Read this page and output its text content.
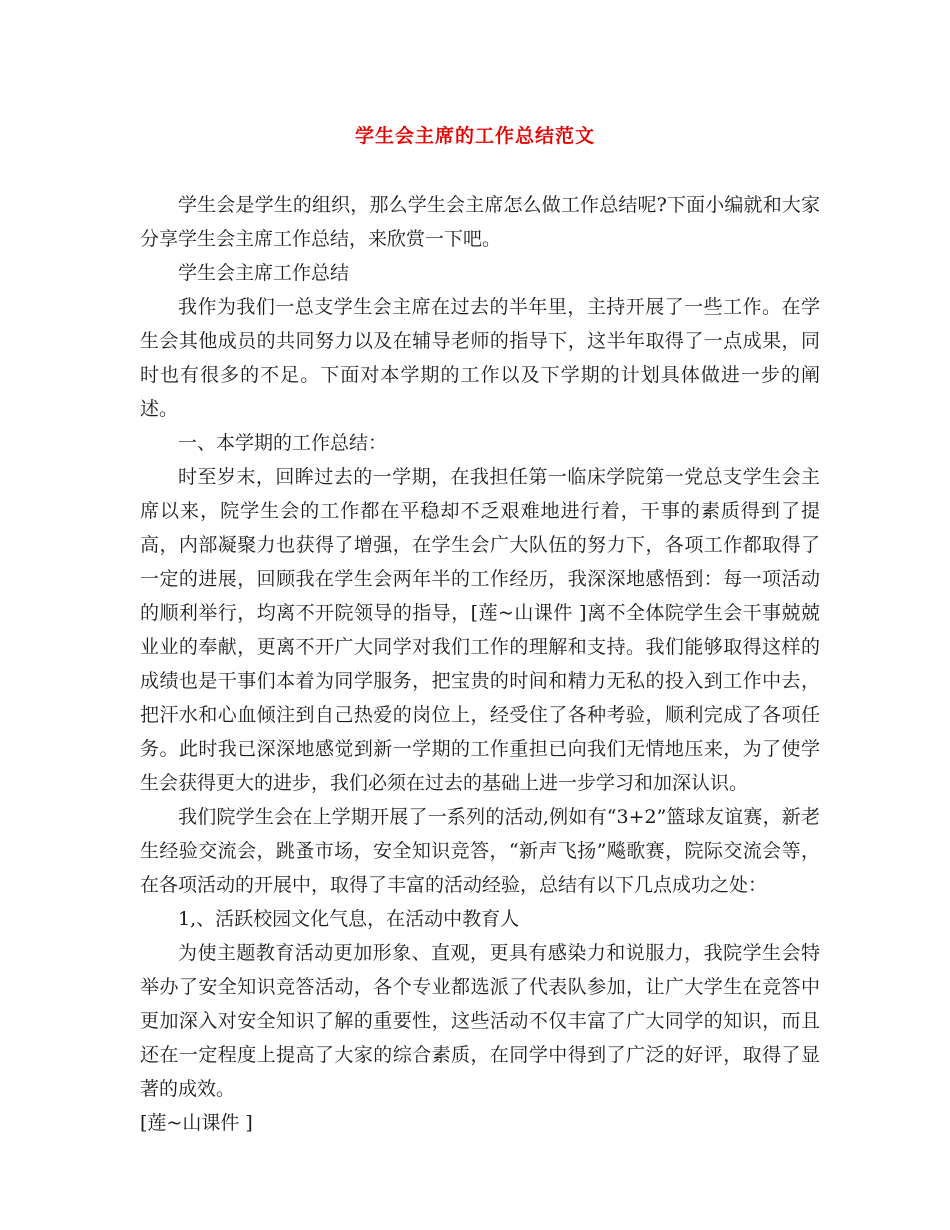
学生会主席的工作总结范文

学生会是学生的组织，那么学生会主席怎么做工作总结呢?下面小编就和大家分享学生会主席工作总结，来欣赏一下吧。

学生会主席工作总结

我作为我们一总支学生会主席在过去的半年里，主持开展了一些工作。在学生会其他成员的共同努力以及在辅导老师的指导下，这半年取得了一点成果，同时也有很多的不足。下面对本学期的工作以及下学期的计划具体做进一步的阐述。

一、本学期的工作总结：

时至岁末，回眸过去的一学期，在我担任第一临床学院第一党总支学生会主席以来，院学生会的工作都在平稳却不乏艰难地进行着，干事的素质得到了提高，内部凝聚力也获得了增强，在学生会广大队伍的努力下，各项工作都取得了一定的进展，回顾我在学生会两年半的工作经历，我深深地感悟到：每一项活动的顺利举行，均离不开院领导的指导，[莲~山课件 ]离不全体院学生会干事兢兢业业的奉献，更离不开广大同学对我们工作的理解和支持。我们能够取得这样的成绩也是干事们本着为同学服务，把宝贵的时间和精力无私的投入到工作中去，把汗水和心血倾注到自己热爱的岗位上，经受住了各种考验，顺利完成了各项任务。此时我已深深地感觉到新一学期的工作重担已向我们无情地压来，为了使学生会获得更大的进步，我们必须在过去的基础上进一步学习和加深认识。

我们院学生会在上学期开展了一系列的活动,例如有“3+2”篮球友谊赛，新老生经验交流会，跳蚤市场，安全知识竞答，“新声飞扬”飚歌赛，院际交流会等，在各项活动的开展中，取得了丰富的活动经验，总结有以下几点成功之处：

1,、活跃校园文化气息，在活动中教育人

为使主题教育活动更加形象、直观，更具有感染力和说服力，我院学生会特举办了安全知识竞答活动，各个专业都选派了代表队参加，让广大学生在竞答中更加深入对安全知识了解的重要性，这些活动不仅丰富了广大同学的知识，而且还在一定程度上提高了大家的综合素质，在同学中得到了广泛的好评，取得了显著的成效。

[莲~山课件 ]
